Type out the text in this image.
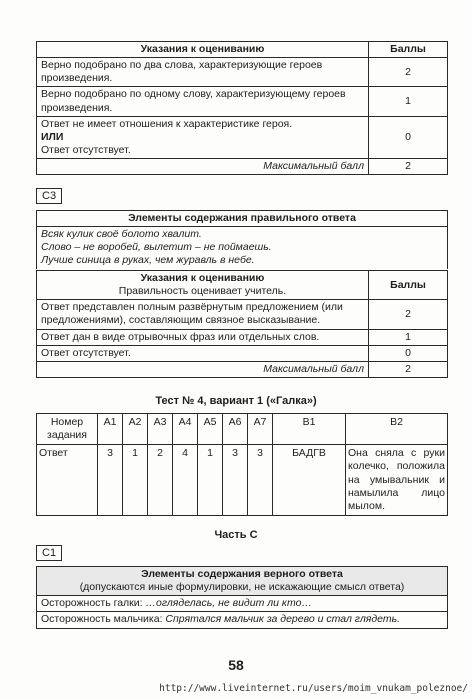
Указания к оцениванию	Баллы
Верно подобрано по два слова, характеризующие героев произведения.	2
Верно подобрано по одному слову, характеризующему героев произведения.	1

Ответ не имеет отношения к характеристике героя.
ИЛИ
Ответ отсутствует.	0
Максимальный балл	2
С3
Элементы содержания правильного ответа

Всяк кулик своё болото хвалит.
Слово – не воробей, вылетит – не поймаешь.
Лучше синица в руках, чем журавль в небе.
Указания к оцениванию
Правильность оценивает учитель.	Баллы
Ответ представлен полным развёрнутым предложением (или предложениями), составляющим связное высказывание.	2
Ответ дан в виде отрывочных фраз или отдельных слов.	1
Ответ отсутствует.	0
Максимальный балл	2
Тест № 4, вариант 1 («Галка»)
Номер задания	А1	А2	А3	А4	А5	А6	А7	В1	В2
Ответ	3	1	2	4	1	3	3	БАДГВ	Она сняла с руки колечко, положила на умывальник и намылила лицо мылом.
Часть С
С1
Элементы содержания верного ответа
(допускаются иные формулировки, не искажающие смысл ответа)

Осторожность галки: …огляделась, не видит ли кто…
Осторожность мальчика: Спрятался мальчик за дерево и стал глядеть.
58
http://www.liveinternet.ru/users/moim_vnukam_poleznoe/
